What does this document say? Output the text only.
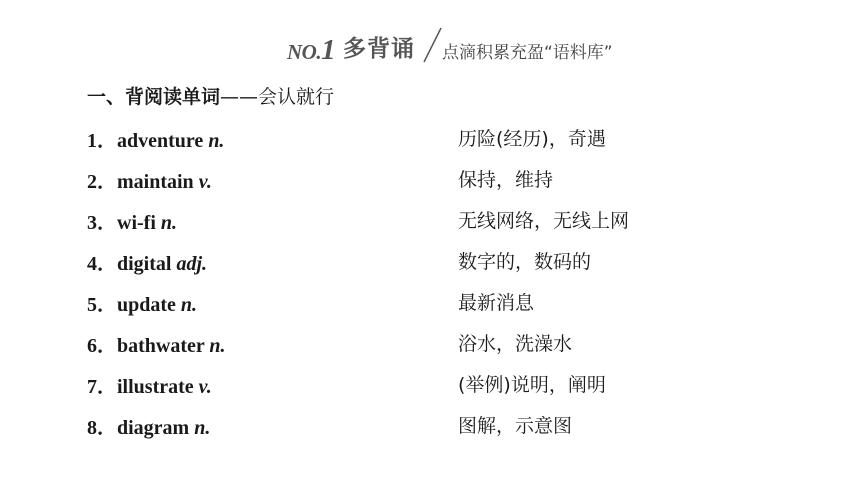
NO.1 多背诵 点滴积累充盈“语料库”
一、背阅读单词——会认就行
1．adventure n.	历险(经历)，奇遇
2．maintain v.	保持，维持
3．wi-fi n.	无线网络，无线上网
4．digital adj.	数字的，数码的
5．update n.	最新消息
6．bathwater n.	浴水，洗澡水
7．illustrate v.	(举例)说明，阐明
8．diagram n.	图解，示意图
